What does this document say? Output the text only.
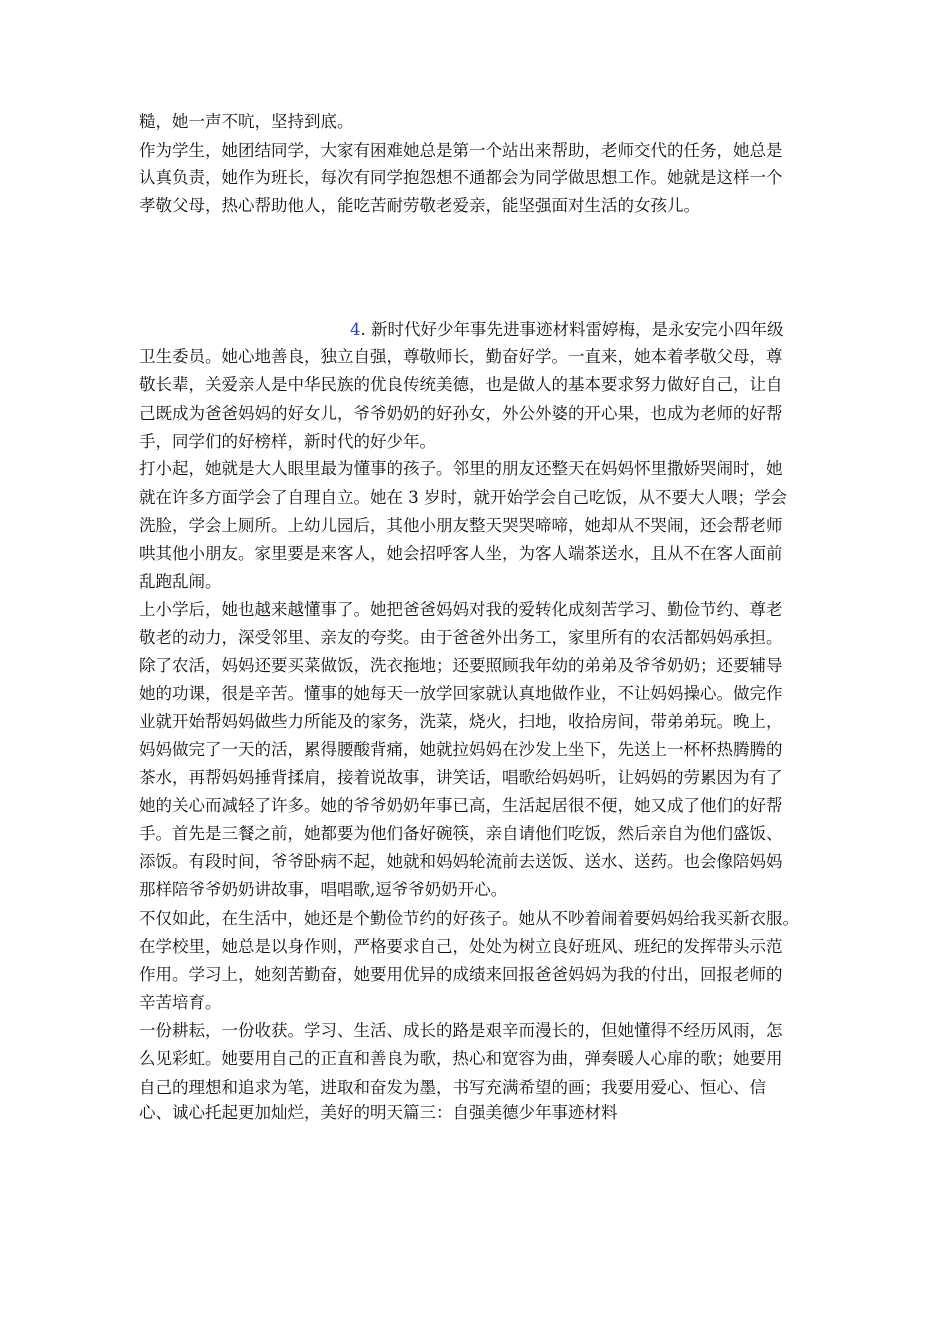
糙，她一声不吭，坚持到底。
作为学生，她团结同学，大家有困难她总是第一个站出来帮助，老师交代的任务，她总是
认真负责，她作为班长，每次有同学抱怨想不通都会为同学做思想工作。她就是这样一个
孝敬父母，热心帮助他人，能吃苦耐劳敬老爱亲，能坚强面对生活的女孩儿。
4. 新时代好少年事先进事迹材料雷婷梅，是永安完小四年级
卫生委员。她心地善良，独立自强，尊敬师长，勤奋好学。一直来，她本着孝敬父母，尊
敬长辈，关爱亲人是中华民族的优良传统美德，也是做人的基本要求努力做好自己，让自
己既成为爸爸妈妈的好女儿，爷爷奶奶的好孙女，外公外婆的开心果，也成为老师的好帮
手，同学们的好榜样，新时代的好少年。
打小起，她就是大人眼里最为懂事的孩子。邻里的朋友还整天在妈妈怀里撒娇哭闹时，她
就在许多方面学会了自理自立。她在 3 岁时，就开始学会自己吃饭，从不要大人喂；学会
洗脸，学会上厕所。上幼儿园后，其他小朋友整天哭哭啼啼，她却从不哭闹，还会帮老师
哄其他小朋友。家里要是来客人，她会招呼客人坐，为客人端茶送水，且从不在客人面前
乱跑乱闹。
上小学后，她也越来越懂事了。她把爸爸妈妈对我的爱转化成刻苦学习、勤俭节约、尊老
敬老的动力，深受邻里、亲友的夸奖。由于爸爸外出务工，家里所有的农活都妈妈承担。
除了农活，妈妈还要买菜做饭，洗衣拖地；还要照顾我年幼的弟弟及爷爷奶奶；还要辅导
她的功课，很是辛苦。懂事的她每天一放学回家就认真地做作业，不让妈妈操心。做完作
业就开始帮妈妈做些力所能及的家务，洗菜，烧火，扫地，收拾房间，带弟弟玩。晚上，
妈妈做完了一天的活，累得腰酸背痛，她就拉妈妈在沙发上坐下，先送上一杯杯热腾腾的
茶水，再帮妈妈捶背揉肩，接着说故事，讲笑话，唱歌给妈妈听，让妈妈的劳累因为有了
她的关心而减轻了许多。她的爷爷奶奶年事已高，生活起居很不便，她又成了他们的好帮
手。首先是三餐之前，她都要为他们备好碗筷，亲自请他们吃饭，然后亲自为他们盛饭、
添饭。有段时间，爷爷卧病不起，她就和妈妈轮流前去送饭、送水、送药。也会像陪妈妈
那样陪爷爷奶奶讲故事，唱唱歌,逗爷爷奶奶开心。
不仅如此，在生活中，她还是个勤俭节约的好孩子。她从不吵着闹着要妈妈给我买新衣服。
在学校里，她总是以身作则，严格要求自己，处处为树立良好班风、班纪的发挥带头示范
作用。学习上，她刻苦勤奋，她要用优异的成绩来回报爸爸妈妈为我的付出，回报老师的
辛苦培育。
一份耕耘，一份收获。学习、生活、成长的路是艰辛而漫长的，但她懂得不经历风雨，怎
么见彩虹。她要用自己的正直和善良为歌，热心和宽容为曲，弹奏暖人心扉的歌；她要用
自己的理想和追求为笔，进取和奋发为墨，书写充满希望的画；我要用爱心、恒心、信
心、诚心托起更加灿烂，美好的明天篇三：自强美德少年事迹材料
